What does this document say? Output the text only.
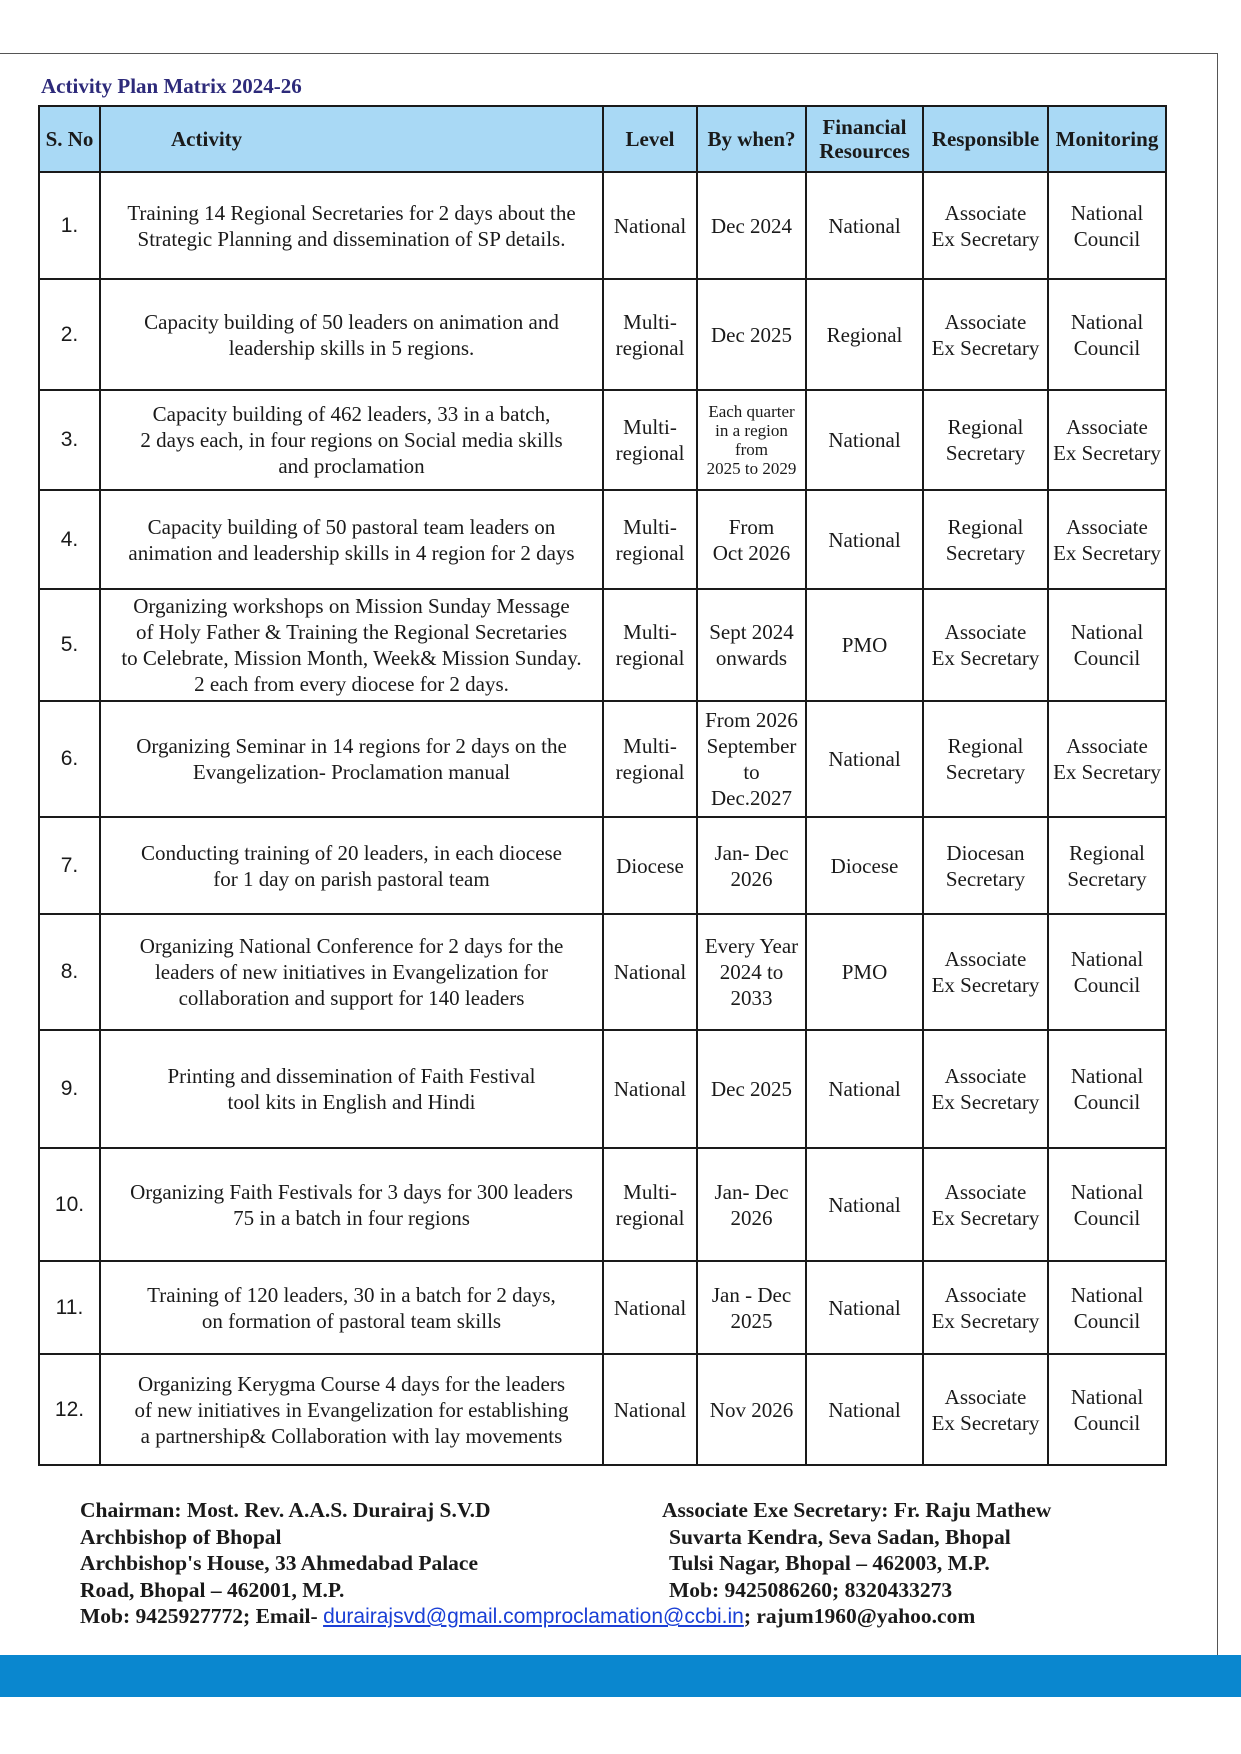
Activity Plan Matrix 2024-26
S. No	Activity	Level	By when?	Financial
Resources	Responsible	Monitoring
1.	Training 14 Regional Secretaries for 2 days about the
Strategic Planning and dissemination of SP details.	National	Dec 2024	National	Associate
Ex Secretary	National
Council
2.	Capacity building of 50 leaders on animation and
leadership skills in 5 regions.	Multi-
regional	Dec 2025	Regional	Associate
Ex Secretary	National
Council
3.	Capacity building of 462 leaders, 33 in a batch,
2 days each, in four regions on Social media skills
and proclamation	Multi-
regional	Each quarter
in a region
from
2025 to 2029	National	Regional
Secretary	Associate
Ex Secretary
4.	Capacity building of 50 pastoral team leaders on
animation and leadership skills in 4 region for 2 days	Multi-
regional	From
Oct 2026	National	Regional
Secretary	Associate
Ex Secretary
5.	Organizing workshops on Mission Sunday Message
of Holy Father & Training the Regional Secretaries
to Celebrate, Mission Month, Week& Mission Sunday.
2 each from every diocese for 2 days.	Multi-
regional	Sept 2024
onwards	PMO	Associate
Ex Secretary	National
Council
6.	Organizing Seminar in 14 regions for 2 days on the
Evangelization- Proclamation manual	Multi-
regional	From 2026
September
to
Dec.2027	National	Regional
Secretary	Associate
Ex Secretary
7.	Conducting training of 20 leaders, in each diocese
for 1 day on parish pastoral team	Diocese	Jan- Dec
2026	Diocese	Diocesan
Secretary	Regional
Secretary
8.	Organizing National Conference for 2 days for the
leaders of new initiatives in Evangelization for
collaboration and support for 140 leaders	National	Every Year
2024 to
2033	PMO	Associate
Ex Secretary	National
Council
9.	Printing and dissemination of Faith Festival
tool kits in English and Hindi	National	Dec 2025	National	Associate
Ex Secretary	National
Council
10.	Organizing Faith Festivals for 3 days for 300 leaders
75 in a batch in four regions	Multi-
regional	Jan- Dec
2026	National	Associate
Ex Secretary	National
Council
11.	Training of 120 leaders, 30 in a batch for 2 days,
on formation of pastoral team skills	National	Jan - Dec
2025	National	Associate
Ex Secretary	National
Council
12.	Organizing Kerygma Course 4 days for the leaders
of new initiatives in Evangelization for establishing
a partnership& Collaboration with lay movements	National	Nov 2026	National	Associate
Ex Secretary	National
Council
Chairman: Most. Rev. A.A.S. Durairaj S.V.D
Archbishop of Bhopal
Archbishop's House, 33 Ahmedabad Palace
Road, Bhopal – 462001, M.P.
Associate Exe Secretary: Fr. Raju Mathew
Suvarta Kendra, Seva Sadan, Bhopal
Tulsi Nagar, Bhopal – 462003, M.P.
Mob: 9425086260; 8320433273
Mob: 9425927772; Email- durairajsvd@gmail.comproclamation@ccbi.in; rajum1960@yahoo.com
